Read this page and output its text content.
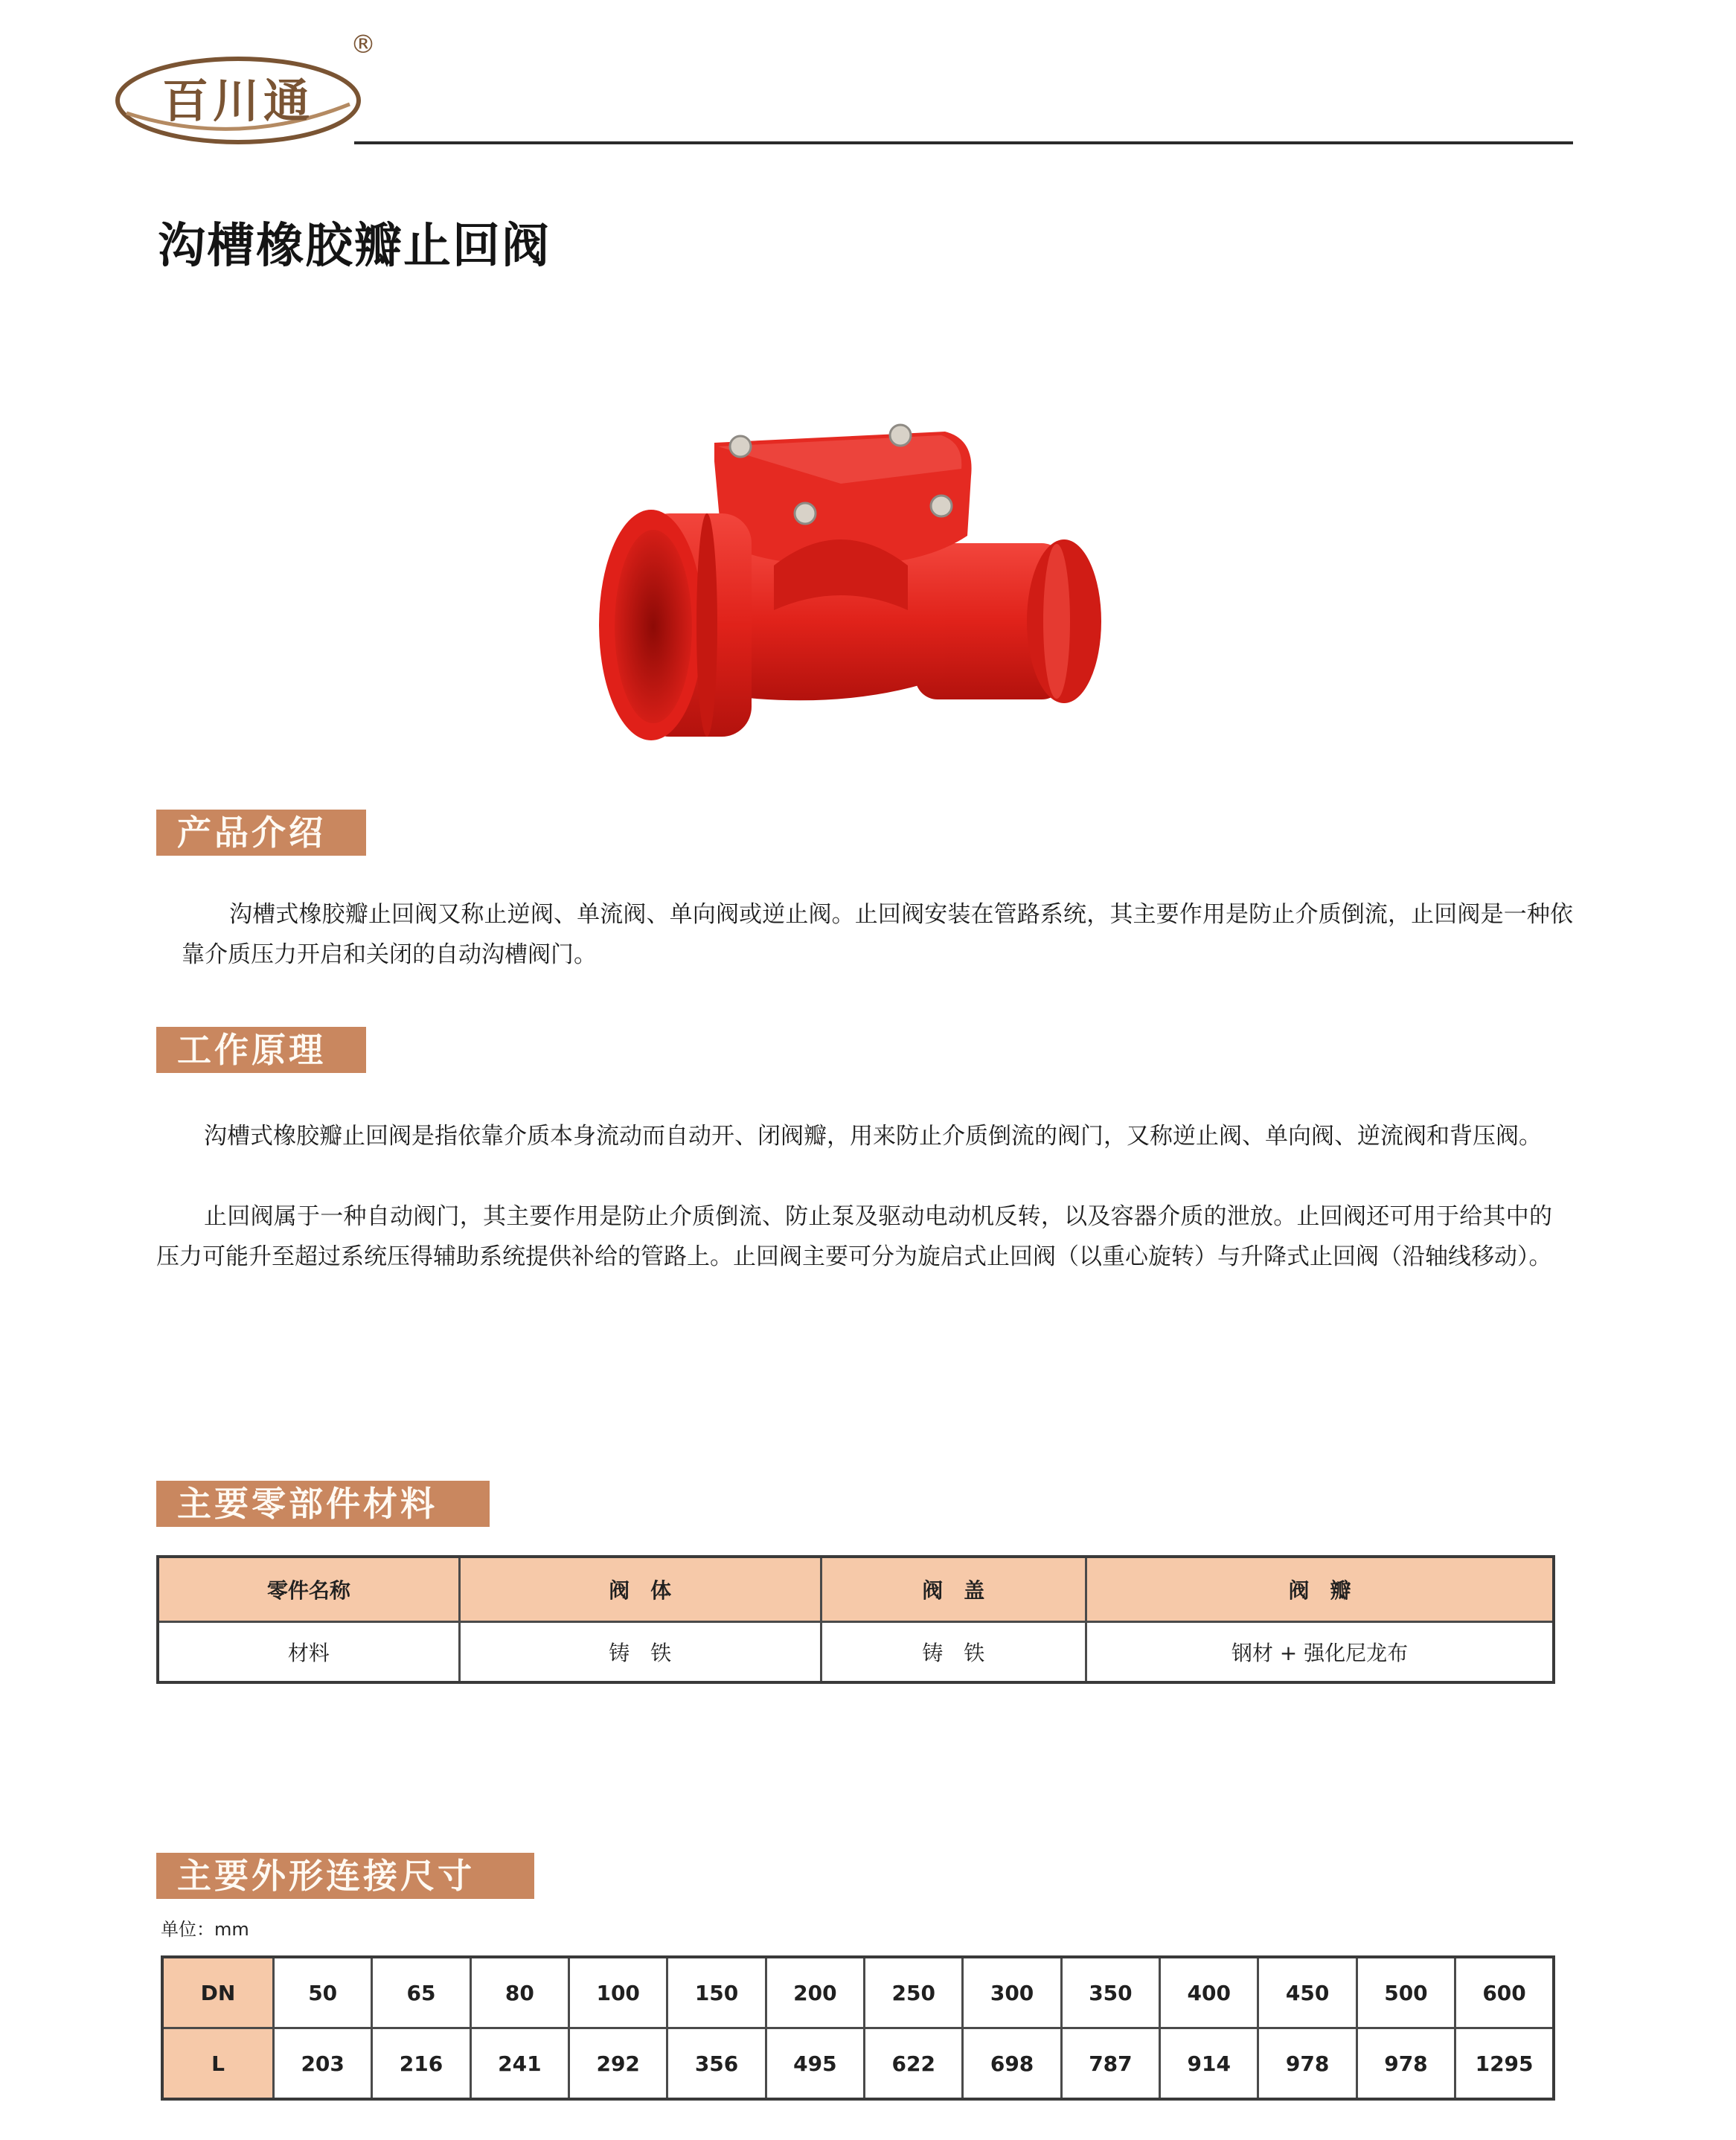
百川通
®
沟槽橡胶瓣止回阀
产品介绍

沟槽式橡胶瓣止回阀又称止逆阀、单流阀、单向阀或逆止阀。止回阀安装在管路系统，其主要作用是防止介质倒流，止回阀是一种依靠介质压力开启和关闭的自动沟槽阀门。

工作原理

沟槽式橡胶瓣止回阀是指依靠介质本身流动而自动开、闭阀瓣，用来防止介质倒流的阀门，又称逆止阀、单向阀、逆流阀和背压阀。

止回阀属于一种自动阀门，其主要作用是防止介质倒流、防止泵及驱动电动机反转，以及容器介质的泄放。止回阀还可用于给其中的压力可能升至超过系统压得辅助系统提供补给的管路上。止回阀主要可分为旋启式止回阀（以重心旋转）与升降式止回阀（沿轴线移动）。

主要零部件材料
零件名称	阀　体	阀　盖	阀　瓣
材料	铸　铁	铸　铁	钢材 + 强化尼龙布
主要外形连接尺寸
单位：mm
DN	50	65	80	100	150	200	250	300	350	400	450	500	600
L	203	216	241	292	356	495	622	698	787	914	978	978	1295
